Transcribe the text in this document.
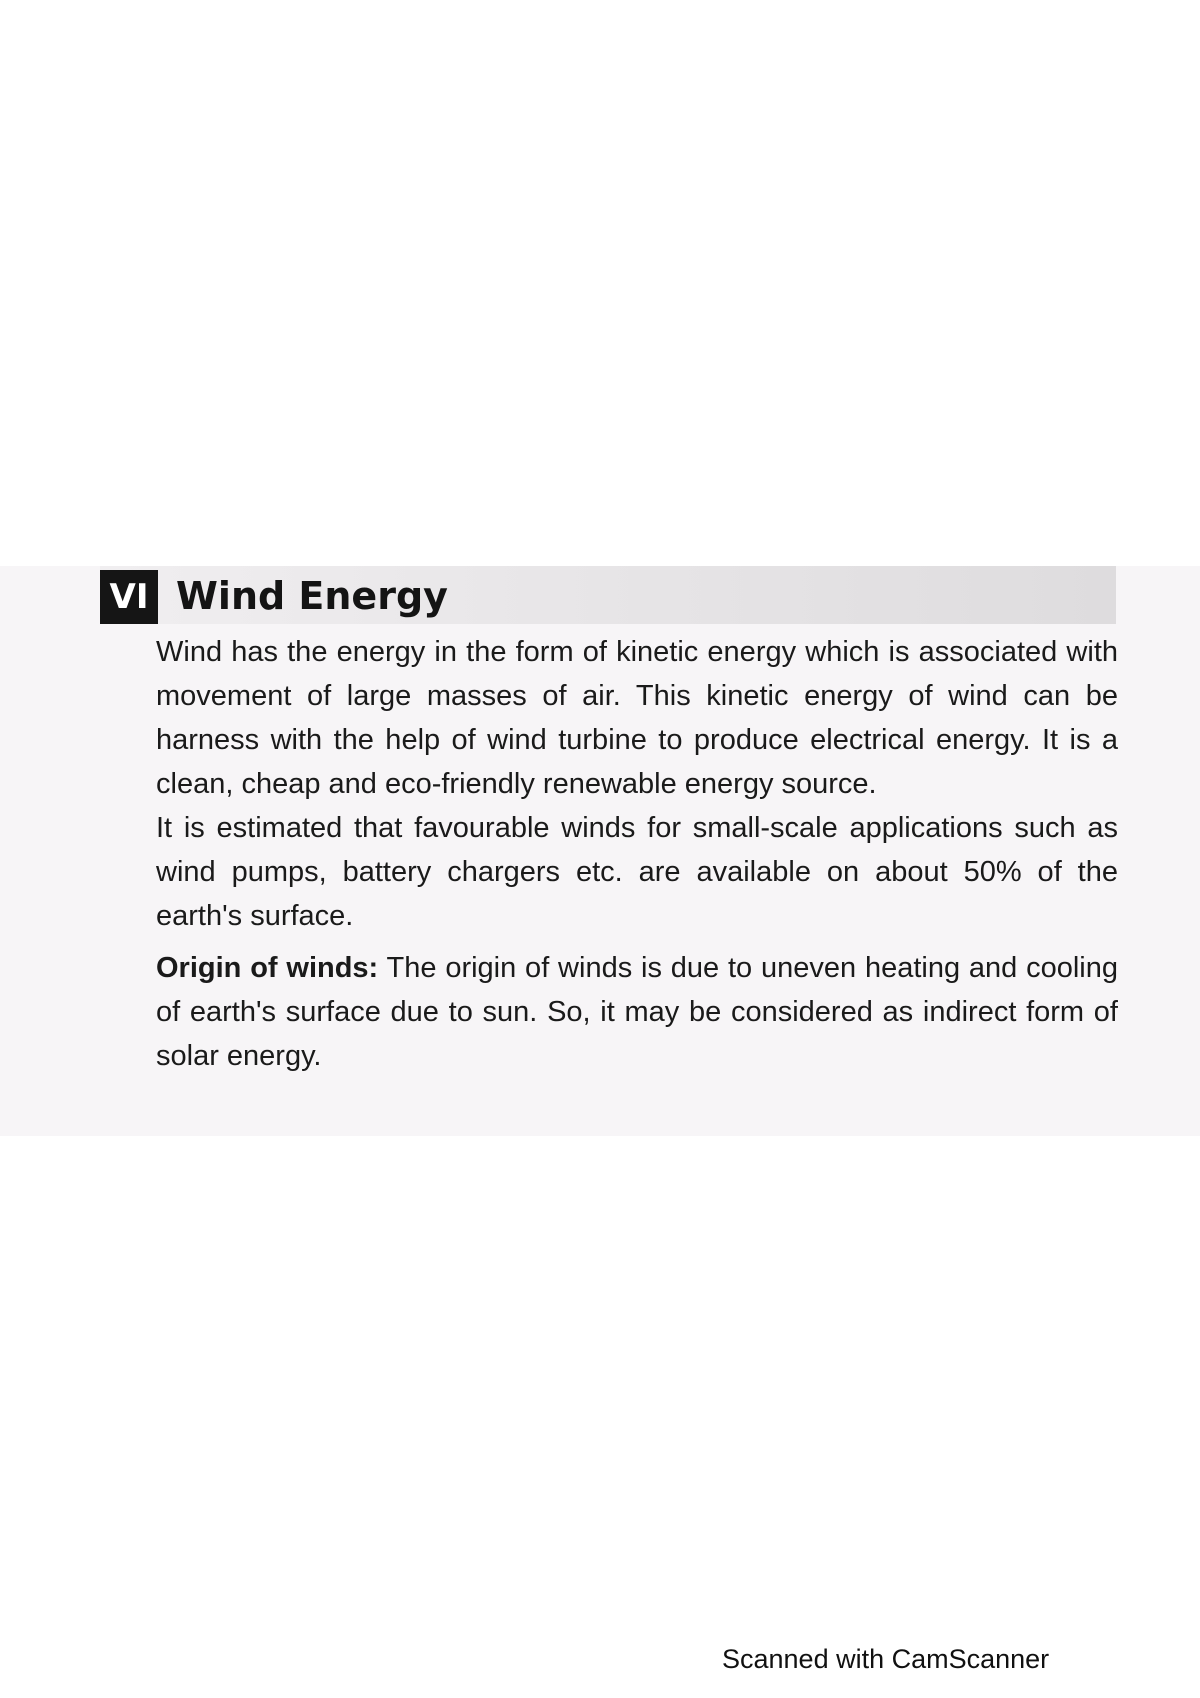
VI Wind Energy

Wind has the energy in the form of kinetic energy which is associated with movement of large masses of air. This kinetic energy of wind can be harness with the help of wind turbine to produce electrical energy. It is a clean, cheap and eco-friendly renewable energy source.

It is estimated that favourable winds for small-scale applications such as wind pumps, battery chargers etc. are available on about 50% of the earth's surface.

Origin of winds: The origin of winds is due to uneven heating and cooling of earth's surface due to sun. So, it may be considered as indirect form of solar energy.

Scanned with CamScanner
